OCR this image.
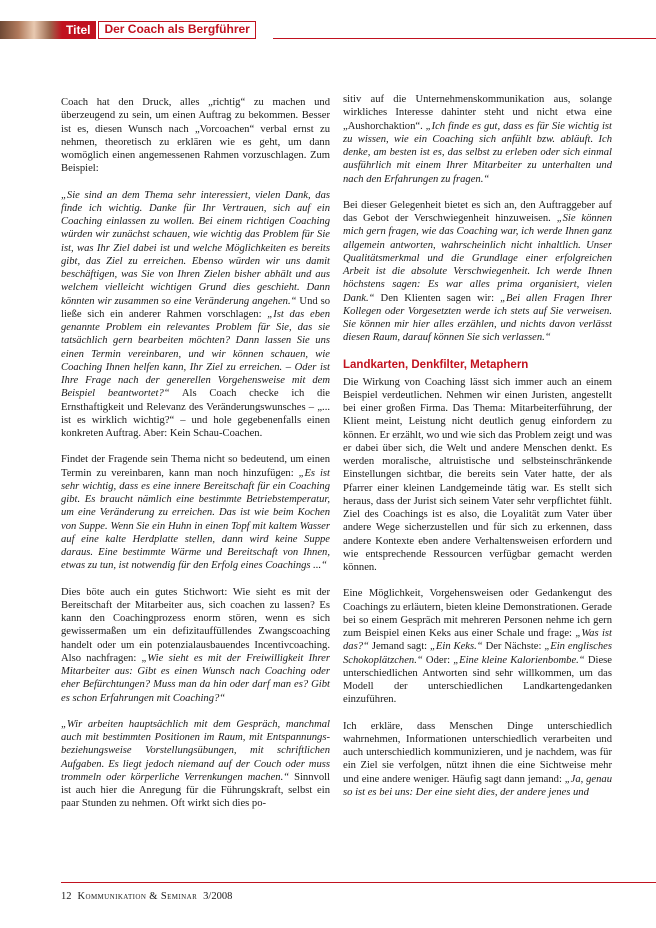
Titel	Der Coach als Bergführer

Coach hat den Druck, alles „richtig“ zu machen und überzeugend zu sein, um einen Auftrag zu bekommen. Besser ist es, diesen Wunsch nach „Vorcoachen“ verbal ernst zu nehmen, theoretisch zu erklären wie es geht, um dann womöglich einen angemessenen Rahmen vorzuschlagen. Zum Beispiel:

„Sie sind an dem Thema sehr interessiert, vielen Dank, das finde ich wichtig. Danke für Ihr Vertrauen, sich auf ein Coaching einlassen zu wollen. Bei einem richtigen Coaching würden wir zunächst schauen, wie wichtig das Problem für Sie ist, was Ihr Ziel dabei ist und welche Möglichkeiten es bereits gibt, das Ziel zu erreichen. Ebenso würden wir uns damit beschäftigen, was Sie von Ihren Zielen bisher abhält und aus welchem vielleicht wichtigen Grund dies geschieht. Dann könnten wir zusammen so eine Veränderung angehen.“ Und so ließe sich ein anderer Rahmen vorschlagen: „Ist das eben genannte Problem ein relevantes Problem für Sie, das sie tatsächlich gern bearbeiten möchten? Dann lassen Sie uns einen Termin vereinbaren, und wir können schauen, wie Coaching Ihnen helfen kann, Ihr Ziel zu erreichen. – Oder ist Ihre Frage nach der generellen Vorgehensweise mit dem Beispiel beantwortet?“ Als Coach checke ich die Ernsthaftigkeit und Relevanz des Veränderungswunsches – „... ist es wirklich wichtig?“ – und hole gegebenenfalls einen konkreten Auftrag. Aber: Kein Schau-Coachen.

Findet der Fragende sein Thema nicht so bedeutend, um einen Termin zu vereinbaren, kann man noch hinzufügen: „Es ist sehr wichtig, dass es eine innere Bereitschaft für ein Coaching gibt. Es braucht nämlich eine bestimmte Betriebstemperatur, um eine Veränderung zu erreichen. Das ist wie beim Kochen von Suppe. Wenn Sie ein Huhn in einen Topf mit kaltem Wasser auf eine kalte Herdplatte stellen, dann wird keine Suppe daraus. Eine bestimmte Wärme und Bereitschaft von Ihnen, etwas zu tun, ist notwendig für den Erfolg eines Coachings ...“

Dies böte auch ein gutes Stichwort: Wie sieht es mit der Bereitschaft der Mitarbeiter aus, sich coachen zu lassen? Es kann den Coachingprozess enorm stören, wenn es sich gewissermaßen um ein defizitauffüllendes Zwangscoaching handelt oder um ein potenzialausbauendes Incentivcoaching. Also nachfragen: „Wie sieht es mit der Freiwilligkeit Ihrer Mitarbeiter aus: Gibt es einen Wunsch nach Coaching oder eher Befürchtungen? Muss man da hin oder darf man es? Gibt es schon Erfahrungen mit Coaching?“

„Wir arbeiten hauptsächlich mit dem Gespräch, manchmal auch mit bestimmten Positionen im Raum, mit Entspannungs- beziehungsweise Vorstellungsübungen, mit schriftlichen Aufgaben. Es liegt jedoch niemand auf der Couch oder muss trommeln oder körperliche Verrenkungen machen.“ Sinnvoll ist auch hier die Anregung für die Führungskraft, selbst ein paar Stunden zu nehmen. Oft wirkt sich dies po-

sitiv auf die Unternehmenskommunikation aus, solange wirkliches Interesse dahinter steht und nicht etwa eine „Aushorchaktion“. „Ich finde es gut, dass es für Sie wichtig ist zu wissen, wie ein Coaching sich anfühlt bzw. abläuft. Ich denke, am besten ist es, das selbst zu erleben oder sich einmal ausführlich mit einem Ihrer Mitarbeiter zu unterhalten und nach den Erfahrungen zu fragen.“

Bei dieser Gelegenheit bietet es sich an, den Auftraggeber auf das Gebot der Verschwiegenheit hinzuweisen. „Sie können mich gern fragen, wie das Coaching war, ich werde Ihnen ganz allgemein antworten, wahrscheinlich nicht inhaltlich. Unser Qualitätsmerkmal und die Grundlage einer erfolgreichen Arbeit ist die absolute Verschwiegenheit. Ich werde Ihnen höchstens sagen: Es war alles prima organisiert, vielen Dank.“ Den Klienten sagen wir: „Bei allen Fragen Ihrer Kollegen oder Vorgesetzten werde ich stets auf Sie verweisen. Sie können mir hier alles erzählen, und nichts davon verlässt diesen Raum, darauf können Sie sich verlassen.“

Landkarten, Denkfilter, Metaphern

Die Wirkung von Coaching lässt sich immer auch an einem Beispiel verdeutlichen. Nehmen wir einen Juristen, angestellt bei einer großen Firma. Das Thema: Mitarbeiterführung, der Klient meint, Leistung nicht deutlich genug einfordern zu können. Er erzählt, wo und wie sich das Problem zeigt und was er dabei über sich, die Welt und andere Menschen denkt. Es werden moralische, altruistische und selbsteinschränkende Einstellungen sichtbar, die bereits sein Vater hatte, der als Pfarrer einer kleinen Landgemeinde tätig war. Es stellt sich heraus, dass der Jurist sich seinem Vater sehr verpflichtet fühlt. Ziel des Coachings ist es also, die Loyalität zum Vater über andere Wege sicherzustellen und für sich zu erkennen, dass andere Kontexte eben andere Verhaltensweisen erfordern und wie entsprechende Ressourcen verfügbar gemacht werden können.

Eine Möglichkeit, Vorgehensweisen oder Gedankengut des Coachings zu erläutern, bieten kleine Demonstrationen. Gerade bei so einem Gespräch mit mehreren Personen nehme ich gern zum Beispiel einen Keks aus einer Schale und frage: „Was ist das?“ Jemand sagt: „Ein Keks.“ Der Nächste: „Ein englisches Schokoplätzchen.“ Oder: „Eine kleine Kalorienbombe.“ Diese unterschiedlichen Antworten sind sehr willkommen, um das Modell der unterschiedlichen Landkartengedanken einzuführen.

Ich erkläre, dass Menschen Dinge unterschiedlich wahrnehmen, Informationen unterschiedlich verarbeiten und auch unterschiedlich kommunizieren, und je nachdem, was für ein Ziel sie verfolgen, nützt ihnen die eine Sichtweise mehr und eine andere weniger. Häufig sagt dann jemand: „Ja, genau so ist es bei uns: Der eine sieht dies, der andere jenes und

12 Kommunikation & Seminar 3/2008
